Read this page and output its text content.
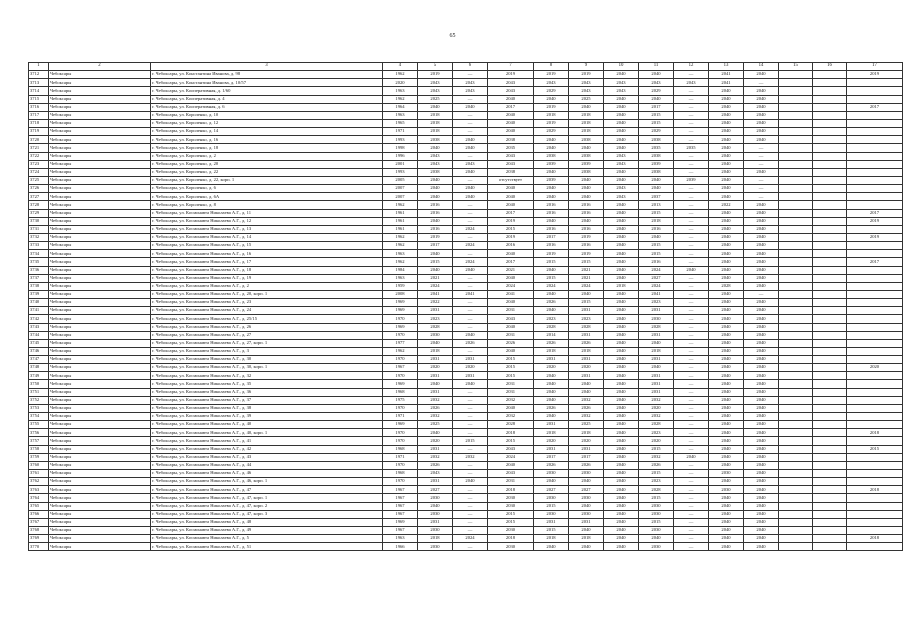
65
1	2	3	4	5	6	7	8	9	10	11	12	13	14	15	16	17
3712	Чебоксары	г. Чебоксары, ул. Константина Иванова, д. 98	1962	2019	—	2019	2019	2019	2040	2040	—	2041	2040			2019
3713	Чебоксары	г. Чебоксары, ул. Константина Иванова, д. 10/57	2020	2043	2043	2043	2043	2043	2043	2043	2043	2041	—			
3714	Чебоксары	г. Чебоксары, ул. Кооперативная, д. 1/60	1963	2043	2043	2043	2029	2043	2043	2029	—	2040	2040			
3715	Чебоксары	г. Чебоксары, ул. Кооперативная, д. 4	1962	2025	—	2040	2040	2025	2040	2040	—	2040	2040			
3716	Чебоксары	г. Чебоксары, ул. Кооперативная, д. 6	1964	2040	2040	2017	2019	2040	2040	2017	—	2040	2040			2017
3717	Чебоксары	г. Чебоксары, ул. Короленко, д. 10	1963	2018	—	2040	2018	2018	2040	2015	—	2040	2040			
3718	Чебоксары	г. Чебоксары, ул. Короленко, д. 12	1965	2018	—	2040	2019	2018	2040	2015	—	2040	2040			
3719	Чебоксары	г. Чебоксары, ул. Короленко, д. 14	1971	2018	—	2040	2029	2018	2040	2029	—	2040	2040			
3720	Чебоксары	г. Чебоксары, ул. Короленко, д. 16	1993	2038	2040	2038	2040	2038	2040	2038	—	2040	2040			
3721	Чебоксары	г. Чебоксары, ул. Короленко, д. 18	1998	2040	2040	2035	2040	2040	2040	2035	2035	2040	—			
3722	Чебоксары	г. Чебоксары, ул. Короленко, д. 2	1996	2043	—	2043	2038	2038	2043	2038	—	2040	—			
3723	Чебоксары	г. Чебоксары, ул. Короленко, д. 20	2001	2043	2043	2043	2039	2039	2043	2039	—	2040	—			
3724	Чебоксары	г. Чебоксары, ул. Короленко, д. 22	1993	2038	2040	2038	2040	2038	2040	2038	—	2040	2040			
3725	Чебоксары	г. Чебоксары, ул. Короленко, д. 22, корп. 1	2005	2040	—	отсутствует	2039	2040	2040	2040	2039	2040	—			
3726	Чебоксары	г. Чебоксары, ул. Короленко, д. 6	2007	2040	2040	2040	2040	2040	2043	2040	—	2040	—			
3727	Чебоксары	г. Чебоксары, ул. Короленко, д. 6А	2007	2040	2040	2040	2040	2040	2043	2037	—	2040	—			
3728	Чебоксары	г. Чебоксары, ул. Короленко, д. 8	1962	2016	—	2040	2016	2016	2040	2013	—	2022	2040			
3729	Чебоксары	г. Чебоксары, ул. Космонавта Николаева А.Г., д. 11	1961	2016	—	2017	2016	2016	2040	2015	—	2040	2040			2017
3730	Чебоксары	г. Чебоксары, ул. Космонавта Николаева А.Г., д. 12	1961	2040	—	2019	2040	2040	2040	2018	—	2040	2040			2019
3731	Чебоксары	г. Чебоксары, ул. Космонавта Николаева А.Г., д. 13	1961	2016	2024	2015	2016	2016	2040	2016	—	2040	2040			
3732	Чебоксары	г. Чебоксары, ул. Космонавта Николаева А.Г., д. 14	1962	2019	—	2019	2017	2019	2040	2040	—	2040	2040			2019
3733	Чебоксары	г. Чебоксары, ул. Космонавта Николаева А.Г., д. 15	1962	2017	2024	2016	2016	2016	2040	2015	—	2040	2040			
3734	Чебоксары	г. Чебоксары, ул. Космонавта Николаева А.Г., д. 16	1963	2040	—	2040	2019	2019	2040	2015	—	2040	2040			
3735	Чебоксары	г. Чебоксары, ул. Космонавта Николаева А.Г., д. 17	1962	2015	2024	2017	2015	2015	2040	2016	—	2040	2040			2017
3736	Чебоксары	г. Чебоксары, ул. Космонавта Николаева А.Г., д. 18	1984	2040	2040	2021	2040	2021	2040	2024	2040	2040	2040			
3737	Чебоксары	г. Чебоксары, ул. Космонавта Николаева А.Г., д. 19	1963	2021	—	2040	2015	2021	2040	2027	—	2040	2040			
3738	Чебоксары	г. Чебоксары, ул. Космонавта Николаева А.Г., д. 2	1959	2024	—	2024	2024	2024	2018	2024	—	2028	2040			
3739	Чебоксары	г. Чебоксары, ул. Космонавта Николаева А.Г., д. 20, корп. 1	2008	2041	2041	2041	2040	2040	2040	2041	—	2040	—			
3740	Чебоксары	г. Чебоксары, ул. Космонавта Николаева А.Г., д. 23	1969	2022	—	2040	2026	2015	2040	2023	—	2040	2040			
3741	Чебоксары	г. Чебоксары, ул. Космонавта Николаева А.Г., д. 24	1969	2031	—	2031	2040	2031	2040	2031	—	2040	2040			
3742	Чебоксары	г. Чебоксары, ул. Космонавта Николаева А.Г., д. 25/15	1970	2023	—	2043	2023	2023	2040	2030	—	2040	2040			
3743	Чебоксары	г. Чебоксары, ул. Космонавта Николаева А.Г., д. 26	1969	2028	—	2040	2028	2028	2040	2028	—	2040	2040			
3744	Чебоксары	г. Чебоксары, ул. Космонавта Николаева А.Г., д. 27	1970	2030	2040	2031	2014	2031	2040	2031	—	2040	2040			
3745	Чебоксары	г. Чебоксары, ул. Космонавта Николаева А.Г., д. 27, корп. 1	1977	2040	2026	2026	2026	2026	2040	2040	—	2040	2040			
3746	Чебоксары	г. Чебоксары, ул. Космонавта Николаева А.Г., д. 3	1962	2018	—	2040	2018	2018	2040	2018	—	2040	2040			
3747	Чебоксары	г. Чебоксары, ул. Космонавта Николаева А.Г., д. 30	1970	2031	2031	2015	2031	2031	2040	2031	—	2040	2040			
3748	Чебоксары	г. Чебоксары, ул. Космонавта Николаева А.Г., д. 30, корп. 1	1967	2020	2020	2015	2020	2020	2040	2040	—	2040	2040			2020
3749	Чебоксары	г. Чебоксары, ул. Космонавта Николаева А.Г., д. 32	1970	2031	2031	2015	2040	2031	2040	2031	—	2040	2040			
3750	Чебоксары	г. Чебоксары, ул. Космонавта Николаева А.Г., д. 35	1969	2040	2040	2031	2040	2040	2040	2031	—	2040	2040			
3751	Чебоксары	г. Чебоксары, ул. Космонавта Николаева А.Г., д. 36	1968	2031	—	2031	2040	2040	2040	2031	—	2040	2040			
3752	Чебоксары	г. Чебоксары, ул. Космонавта Николаева А.Г., д. 37	1975	2032	—	2032	2040	2032	2040	2032	—	2040	2040			
3753	Чебоксары	г. Чебоксары, ул. Космонавта Николаева А.Г., д. 38	1970	2026	—	2040	2026	2026	2040	2020	—	2040	2040			
3754	Чебоксары	г. Чебоксары, ул. Космонавта Николаева А.Г., д. 39	1971	2032	—	2032	2040	2032	2040	2032	—	2040	2040			
3755	Чебоксары	г. Чебоксары, ул. Космонавта Николаева А.Г., д. 40	1969	2025	—	2028	2031	2025	2040	2028	—	2040	2040			
3756	Чебоксары	г. Чебоксары, ул. Космонавта Николаева А.Г., д. 40, корп. 1	1970	2040	—	2018	2018	2018	2040	2023	—	2040	2040			2018
3757	Чебоксары	г. Чебоксары, ул. Космонавта Николаева А.Г., д. 41	1970	2020	2015	2015	2020	2020	2040	2020	—	2040	2040			
3758	Чебоксары	г. Чебоксары, ул. Космонавта Николаева А.Г., д. 42	1968	2031	—	2043	2031	2031	2040	2015	—	2040	2040			2015
3759	Чебоксары	г. Чебоксары, ул. Космонавта Николаева А.Г., д. 43	1971	2032	2032	2024	2017	2017	2040	2032	2040	2040	2040			
3760	Чебоксары	г. Чебоксары, ул. Космонавта Николаева А.Г., д. 44	1970	2026	—	2040	2026	2026	2040	2026	—	2040	2040			
3761	Чебоксары	г. Чебоксары, ул. Космонавта Николаева А.Г., д. 46	1968	2043	—	2043	2030	2030	2040	2015	—	2030	2040			
3762	Чебоксары	г. Чебоксары, ул. Космонавта Николаева А.Г., д. 46, корп. 1	1970	2031	2040	2031	2040	2040	2040	2023	—	2040	2040			
3763	Чебоксары	г. Чебоксары, ул. Космонавта Николаева А.Г., д. 47	1967	2027	—	2018	2027	2027	2040	2028	—	2030	2040			2018
3764	Чебоксары	г. Чебоксары, ул. Космонавта Николаева А.Г., д. 47, корп. 1	1967	2030	—	2030	2030	2030	2040	2015	—	2040	2040			
3765	Чебоксары	г. Чебоксары, ул. Космонавта Николаева А.Г., д. 47, корп. 2	1967	2040	—	2030	2015	2040	2040	2030	—	2040	2040			
3766	Чебоксары	г. Чебоксары, ул. Космонавта Николаева А.Г., д. 47, корп. 3	1967	2030	—	2015	2030	2030	2040	2030	—	2040	2040			
3767	Чебоксары	г. Чебоксары, ул. Космонавта Николаева А.Г., д. 48	1969	2031	—	2015	2031	2031	2040	2015	—	2040	2040			
3768	Чебоксары	г. Чебоксары, ул. Космонавта Николаева А.Г., д. 49	1967	2030	—	2030	2015	2040	2040	2030	—	2040	2040			
3769	Чебоксары	г. Чебоксары, ул. Космонавта Николаева А.Г., д. 5	1963	2018	2024	2018	2018	2018	2040	2040	—	2040	2040			2018
3770	Чебоксары	г. Чебоксары, ул. Космонавта Николаева А.Г., д. 51	1966	2030	—	2030	2040	2040	2040	2030	—	2040	2040			
